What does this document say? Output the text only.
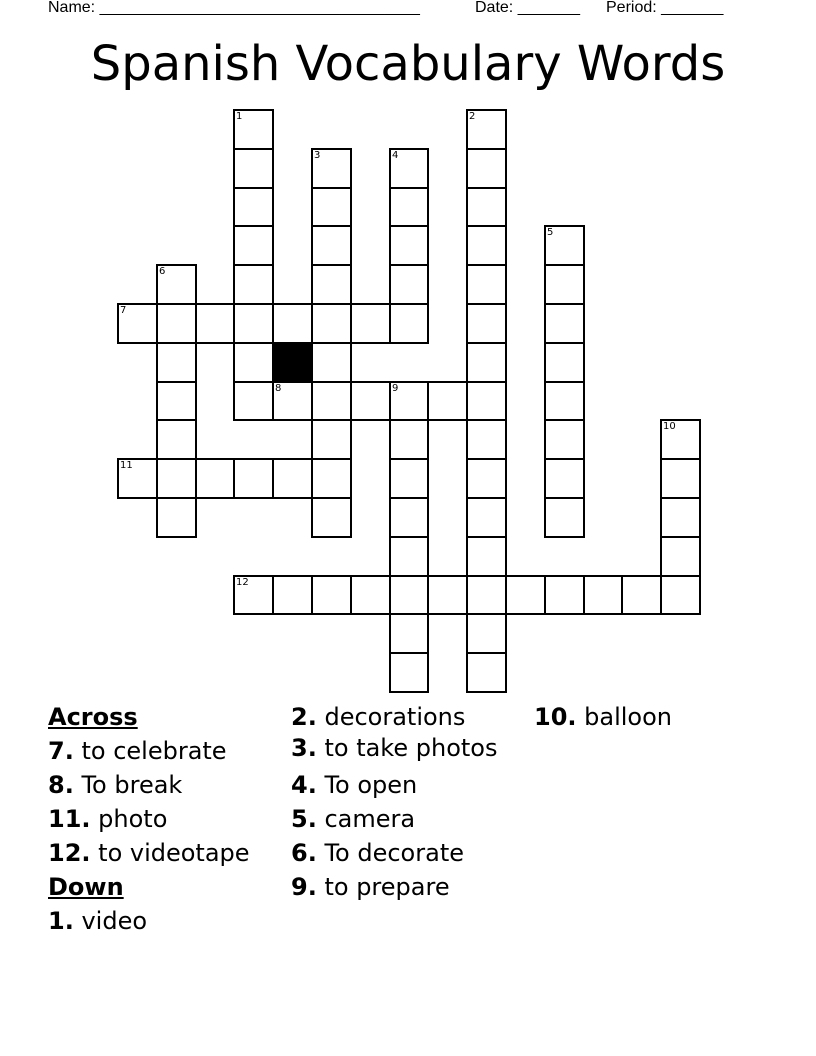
Name: ____________________________________	Date: _______ Period: _______
Spanish Vocabulary Words
1	2
3	4
5
6
7
8	9
10
11
12
Across
7. to celebrate
8. To break
11. photo
12. to videotape
Down
1. video
2. decorations
3. to take photos
4. To open
5. camera
6. To decorate
9. to prepare
10. balloon
